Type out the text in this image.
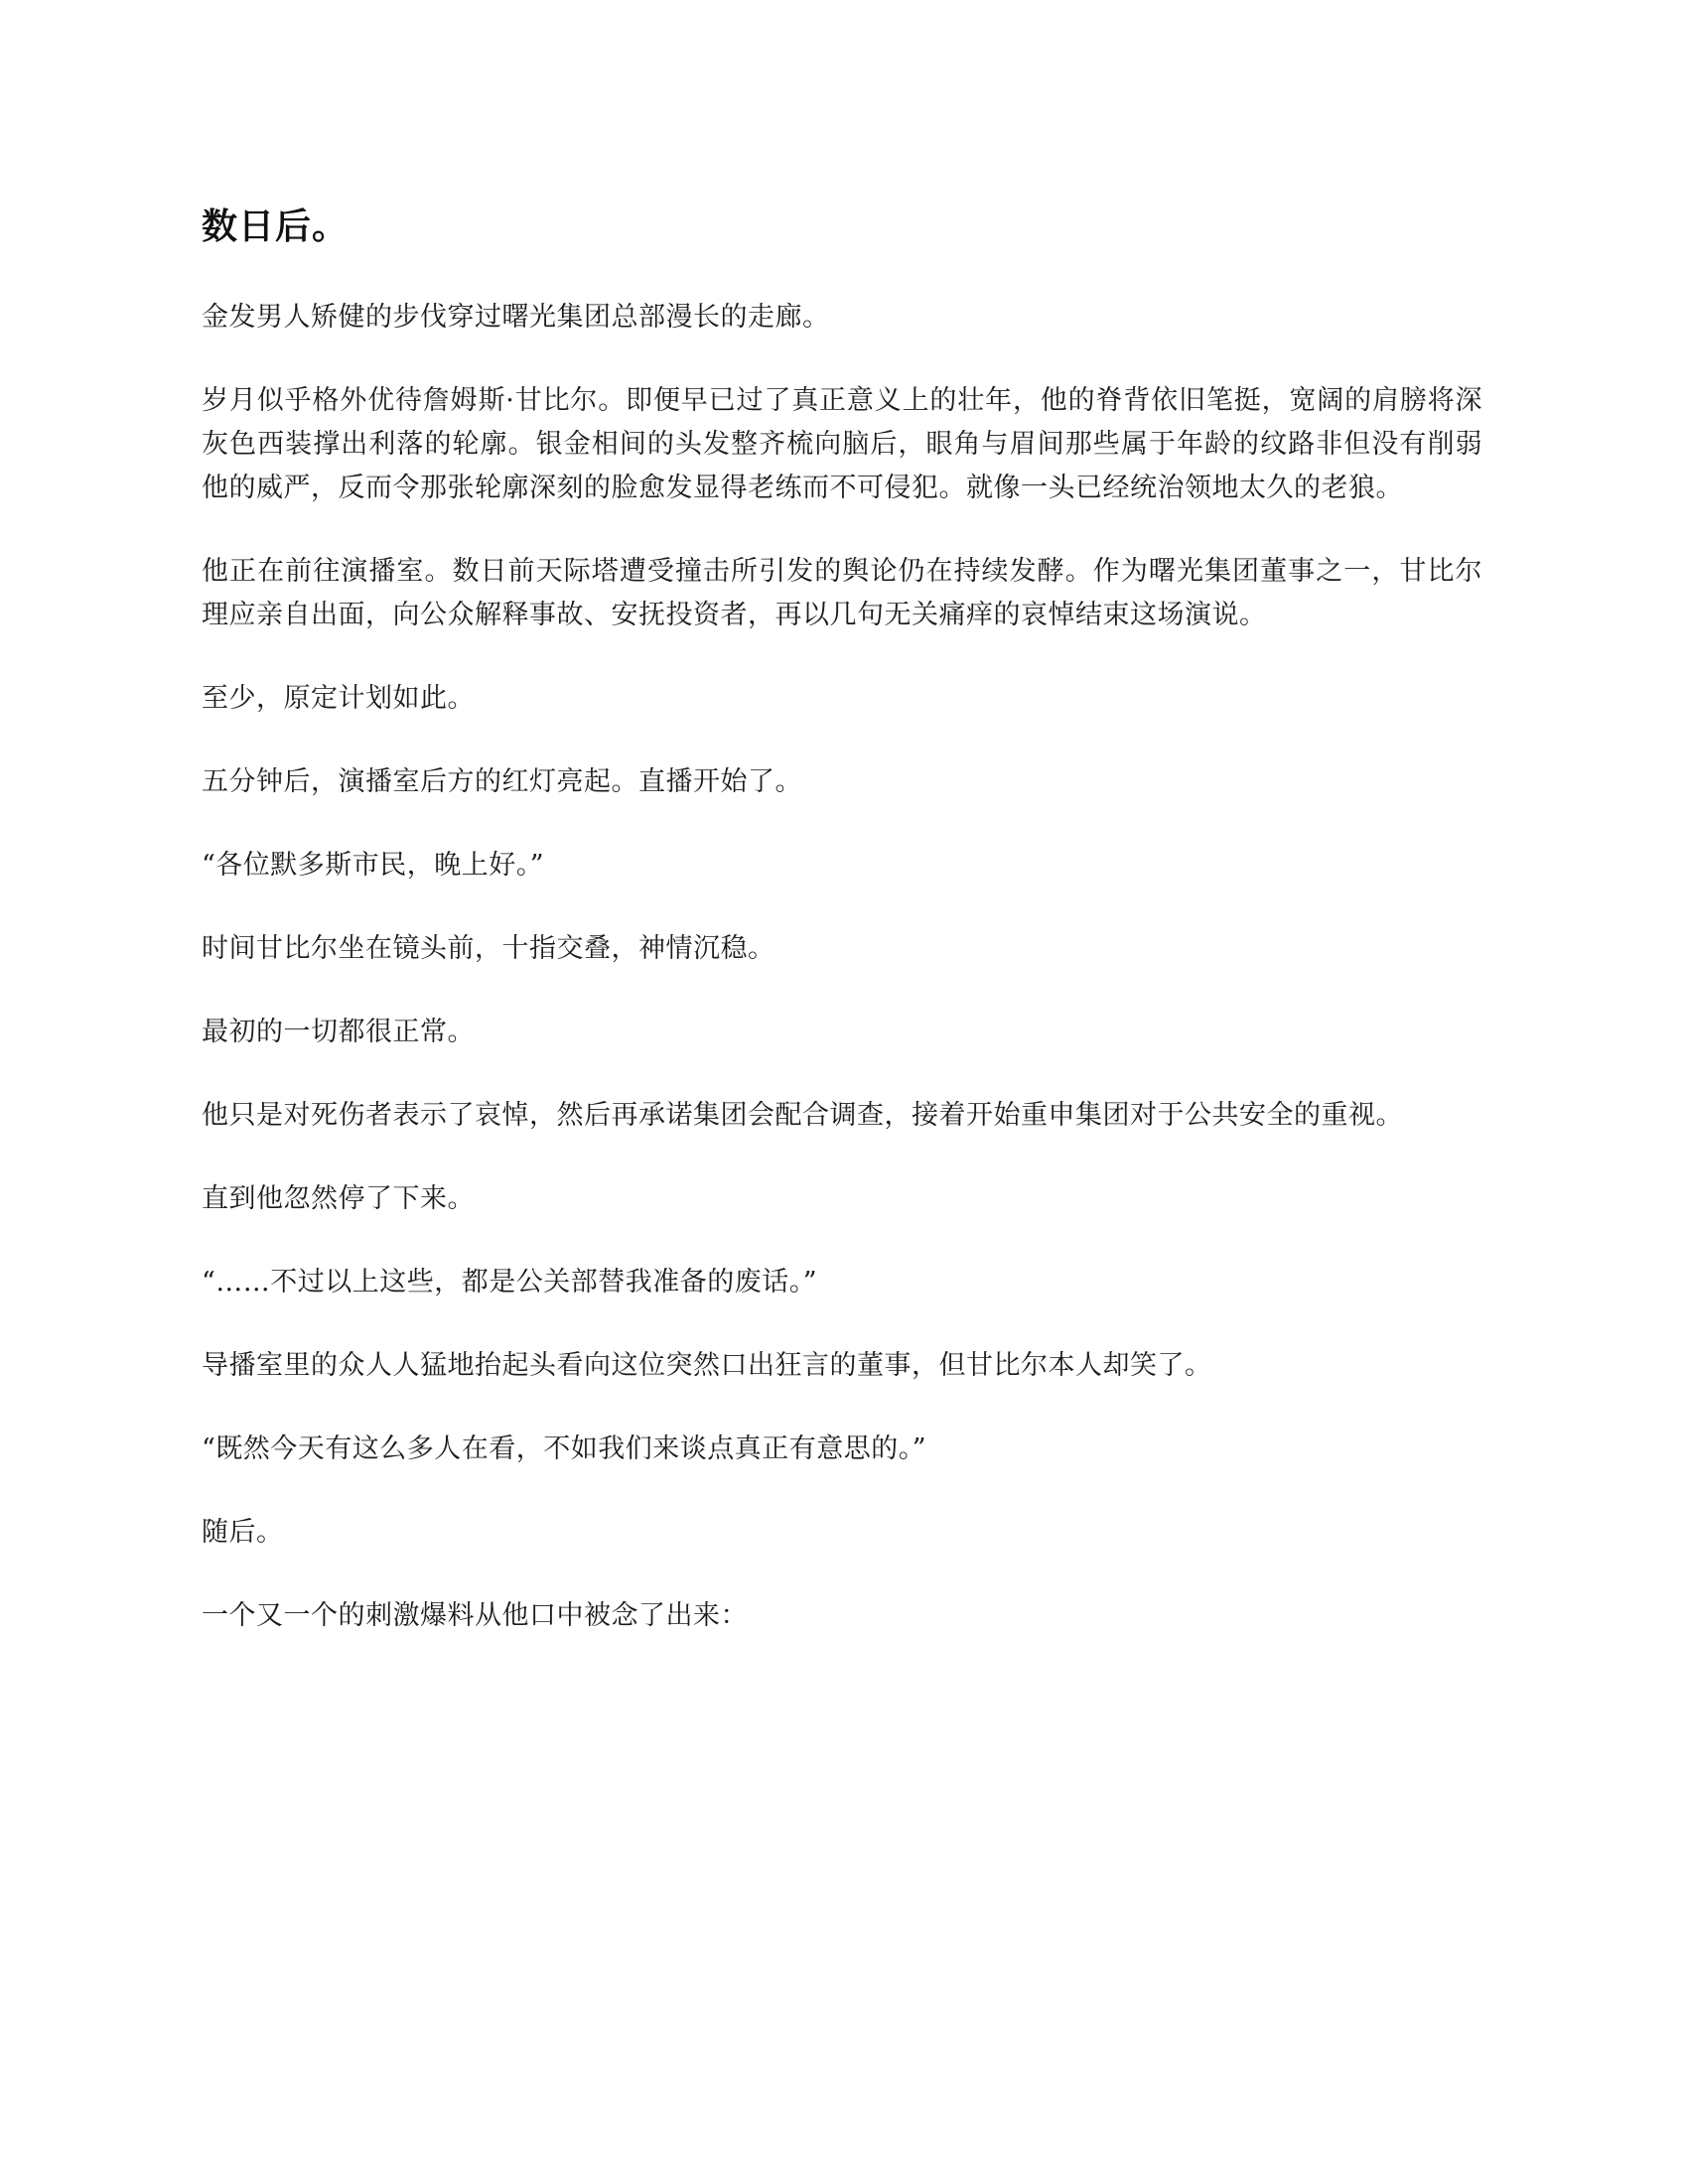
数日后。

金发男人矫健的步伐穿过曙光集团总部漫长的走廊。

岁月似乎格外优待詹姆斯·甘比尔。即便早已过了真正意义上的壮年，他的脊背依旧笔挺，宽阔的肩膀将深灰色西装撑出利落的轮廓。银金相间的头发整齐梳向脑后，眼角与眉间那些属于年龄的纹路非但没有削弱他的威严，反而令那张轮廓深刻的脸愈发显得老练而不可侵犯。就像一头已经统治领地太久的老狼。

他正在前往演播室。数日前天际塔遭受撞击所引发的舆论仍在持续发酵。作为曙光集团董事之一，甘比尔理应亲自出面，向公众解释事故、安抚投资者，再以几句无关痛痒的哀悼结束这场演说。

至少，原定计划如此。

五分钟后，演播室后方的红灯亮起。直播开始了。

“各位默多斯市民，晚上好。”

时间甘比尔坐在镜头前，十指交叠，神情沉稳。

最初的一切都很正常。

他只是对死伤者表示了哀悼，然后再承诺集团会配合调查，接着开始重申集团对于公共安全的重视。

直到他忽然停了下来。

“……不过以上这些，都是公关部替我准备的废话。”

导播室里的众人人猛地抬起头看向这位突然口出狂言的董事，但甘比尔本人却笑了。

“既然今天有这么多人在看，不如我们来谈点真正有意思的。”

随后。

一个又一个的刺激爆料从他口中被念了出来：
